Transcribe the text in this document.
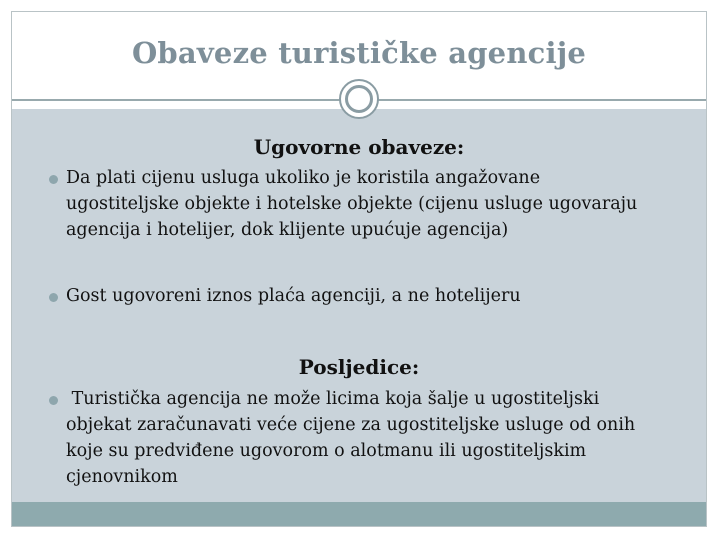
Obaveze turističke agencije
Ugovorne obaveze:
Da plati cijenu usluga ukoliko je koristila angažovane
ugostiteljske objekte i hotelske objekte (cijenu usluge ugovaraju
agencija i hotelijer, dok klijente upućuje agencija)
Gost ugovoreni iznos plaća agenciji, a ne hotelijeru
Posljedice:
Turistička agencija ne može licima koja šalje u ugostiteljski
objekat zaračunavati veće cijene za ugostiteljske usluge od onih
koje su predviđene ugovorom o alotmanu ili ugostiteljskim
cjenovnikom
